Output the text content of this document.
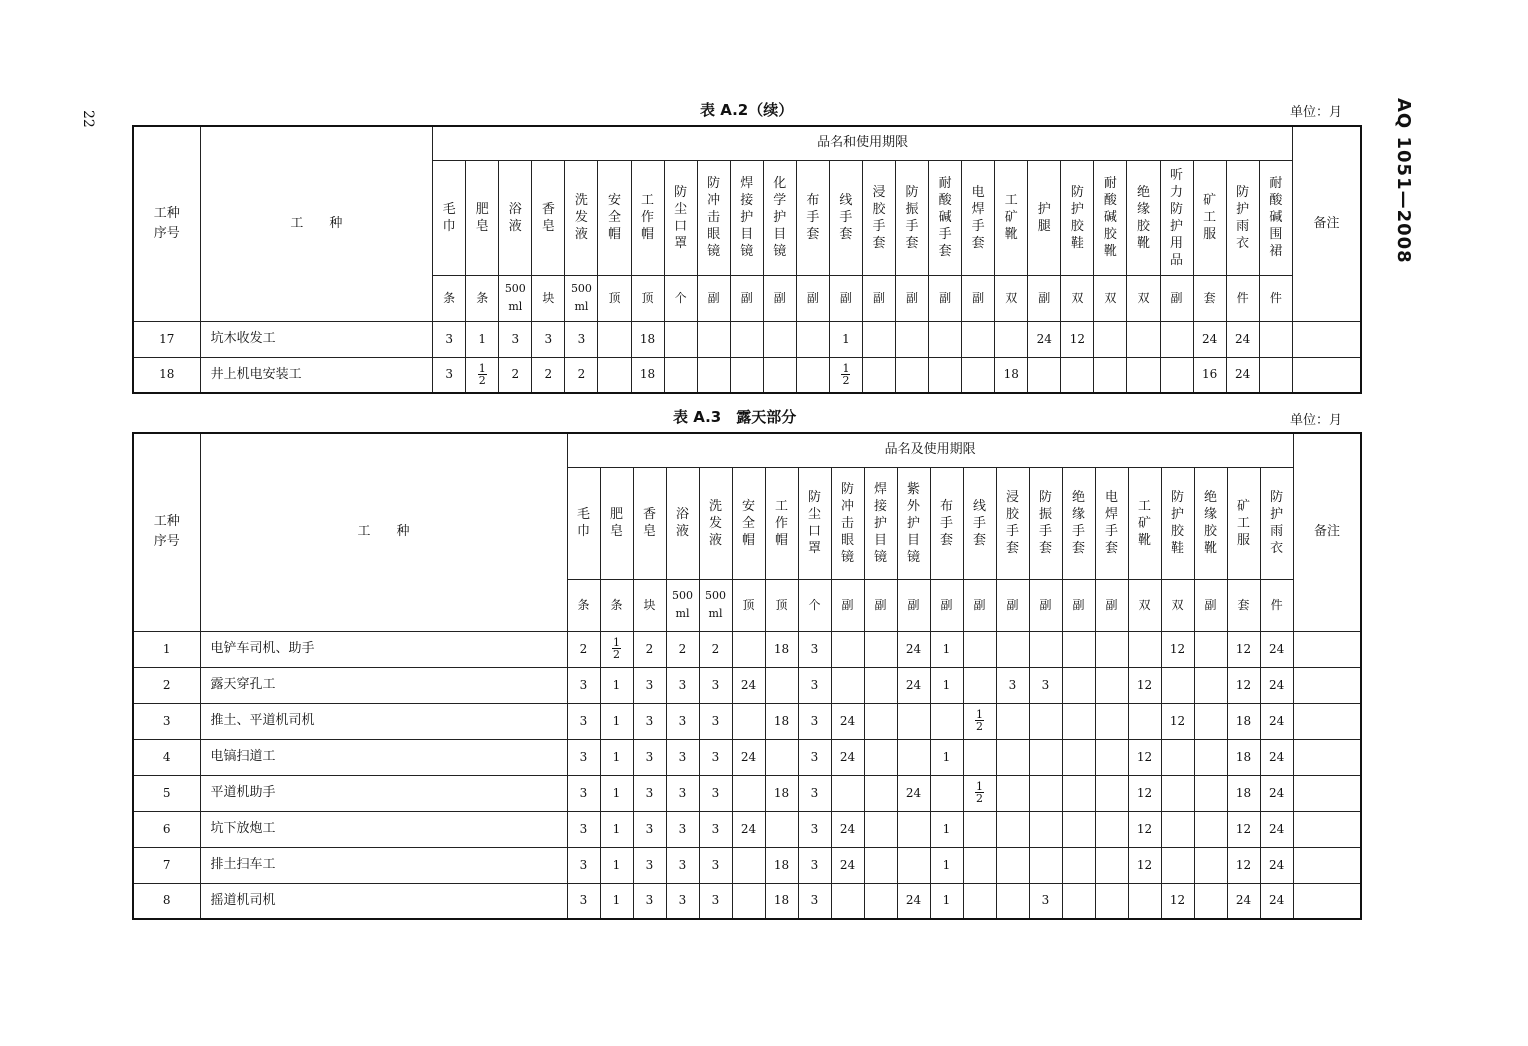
22	AQ 1051—2008
表 A.2（续）	单位：月
工种序号	工　　种	品名和使用期限																										备注
		毛巾	肥皂	浴液	香皂	洗发液	安全帽	工作帽	防尘口罩	防冲击眼镜	焊接护目镜	化学护目镜	布手套	线手套	浸胶手套	防振手套	耐酸碱手套	电焊手套	工矿靴	护腿	防护胶鞋	耐酸碱胶靴	绝缘胶靴	听力防护用品	矿工服	防护雨衣	耐酸碱围裙	
		条	条	500 ml	块	500 ml	顶	顶	个	副	副	副	副	副	副	副	副	副	双	副	双	双	双	副	套	件	件	
17	坑木收发工	3	1	3	3	3		18						1						24	12				24	24		
18	井上机电安装工	3	$\frac{1}{2}$	2	2	2		18						$\frac{1}{2}$					18						16	24		
表 A.3　露天部分	单位：月
工种序号	工　　种	品名及使用期限																						备注
		毛巾	肥皂	香皂	浴液	洗发液	安全帽	工作帽	防尘口罩	防冲击眼镜	焊接护目镜	紫外护目镜	布手套	线手套	浸胶手套	防振手套	绝缘手套	电焊手套	工矿靴	防护胶鞋	绝缘胶靴	矿工服	防护雨衣	
		条	条	块	500 ml	500 ml	顶	顶	个	副	副	副	副	副	副	副	副	副	双	双	副	套	件	
1	电铲车司机、助手	2	$\frac{1}{2}$	2	2	2		18	3			24	1							12		12	24	
2	露天穿孔工	3	1	3	3	3	24		3			24	1		3	3			12			12	24	
3	推土、平道机司机	3	1	3	3	3		18	3	24				$\frac{1}{2}$						12		18	24	
4	电镐扫道工	3	1	3	3	3	24		3	24			1						12			18	24	
5	平道机助手	3	1	3	3	3		18	3			24		$\frac{1}{2}$					12			18	24	
6	坑下放炮工	3	1	3	3	3	24		3	24			1						12			12	24	
7	排土扫车工	3	1	3	3	3		18	3	24			1						12			12	24	
8	摇道机司机	3	1	3	3	3		18	3			24	1			3				12		24	24	
